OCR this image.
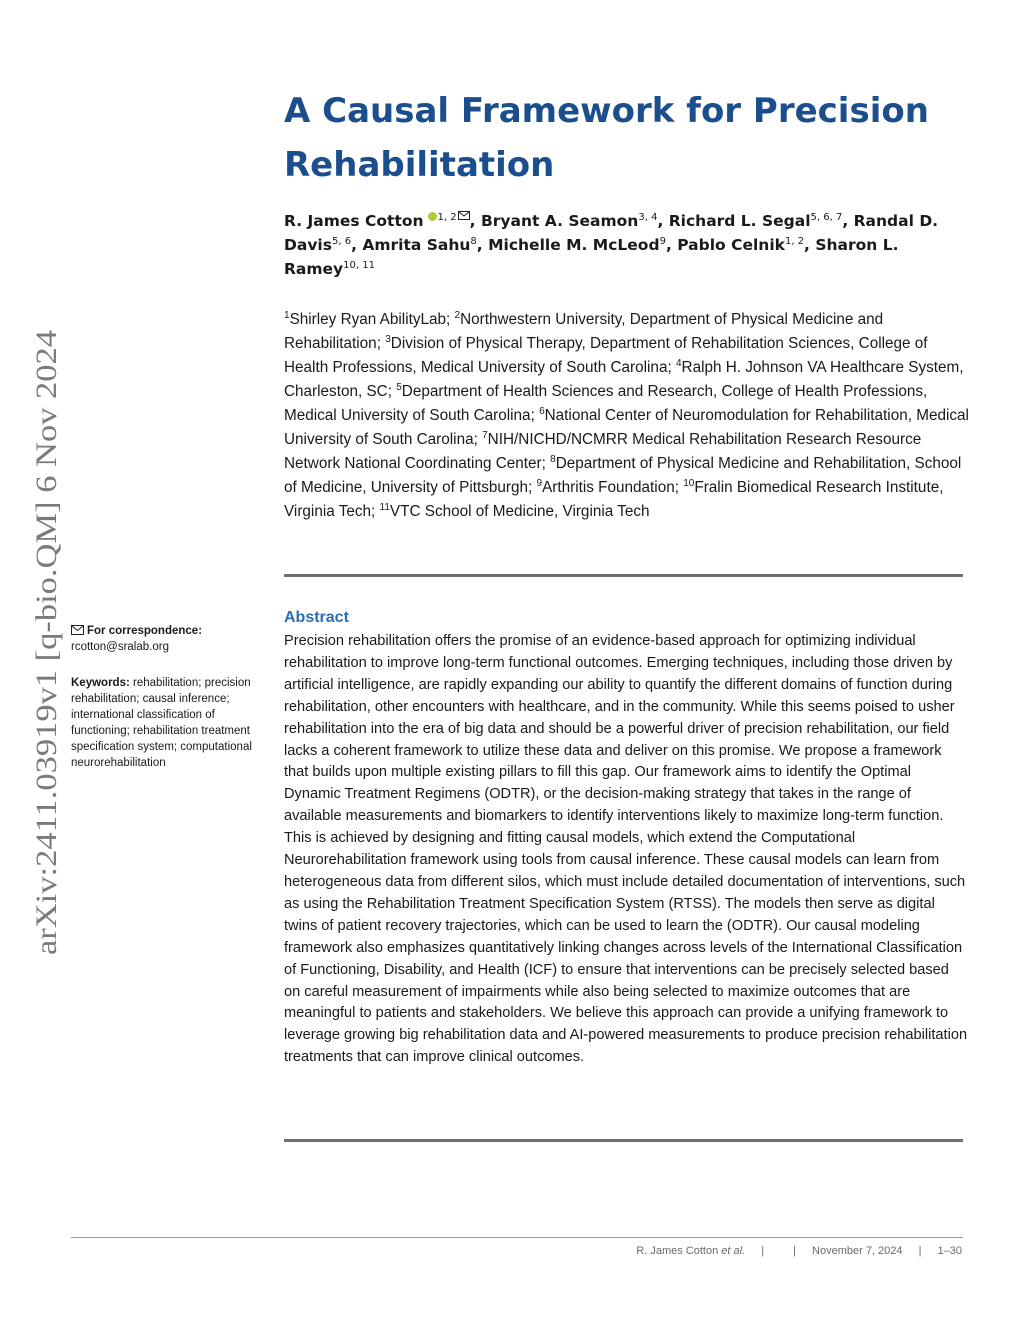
arXiv:2411.03919v1 [q-bio.QM] 6 Nov 2024
A Causal Framework for Precision Rehabilitation
R. James Cotton $^{1, 2}$ , Bryant A. Seamon$^{3, 4}$, Richard L. Segal$^{5, 6, 7}$, Randal D. Davis$^{5, 6}$, Amrita Sahu$^8$, Michelle M. McLeod$^9$, Pablo Celnik$^{1, 2}$, Sharon L. Ramey$^{10, 11}$
$^1$Shirley Ryan AbilityLab; $^2$Northwestern University, Department of Physical Medicine and Rehabilitation; $^3$Division of Physical Therapy, Department of Rehabilitation Sciences, College of Health Professions, Medical University of South Carolina; $^4$Ralph H. Johnson VA Healthcare System, Charleston, SC; $^5$Department of Health Sciences and Research, College of Health Professions, Medical University of South Carolina; $^6$National Center of Neuromodulation for Rehabilitation, Medical University of South Carolina; $^7$NIH/NICHD/NCMRR Medical Rehabilitation Research Resource Network National Coordinating Center; $^8$Department of Physical Medicine and Rehabilitation, School of Medicine, University of Pittsburgh; $^9$Arthritis Foundation; $^{10}$Fralin Biomedical Research Institute, Virginia Tech; $^{11}$VTC School of Medicine, Virginia Tech
Abstract
Precision rehabilitation offers the promise of an evidence-based approach for optimizing individual rehabilitation to improve long-term functional outcomes. Emerging techniques, including those driven by artificial intelligence, are rapidly expanding our ability to quantify the different domains of function during rehabilitation, other encounters with healthcare, and in the community. While this seems poised to usher rehabilitation into the era of big data and should be a powerful driver of precision rehabilitation, our field lacks a coherent framework to utilize these data and deliver on this promise. We propose a framework that builds upon multiple existing pillars to fill this gap. Our framework aims to identify the Optimal Dynamic Treatment Regimens (ODTR), or the decision-making strategy that takes in the range of available measurements and biomarkers to identify interventions likely to maximize long-term function. This is achieved by designing and fitting causal models, which extend the Computational Neurorehabilitation framework using tools from causal inference. These causal models can learn from heterogeneous data from different silos, which must include detailed documentation of interventions, such as using the Rehabilitation Treatment Specification System (RTSS). The models then serve as digital twins of patient recovery trajectories, which can be used to learn the (ODTR). Our causal modeling framework also emphasizes quantitatively linking changes across levels of the International Classification of Functioning, Disability, and Health (ICF) to ensure that interventions can be precisely selected based on careful measurement of impairments while also being selected to maximize outcomes that are meaningful to patients and stakeholders. We believe this approach can provide a unifying framework to leverage growing big rehabilitation data and AI-powered measurements to produce precision rehabilitation treatments that can improve clinical outcomes.
For correspondence:
rcotton@sralab.org
Keywords: rehabilitation; precision rehabilitation; causal inference; international classification of functioning; rehabilitation treatment specification system; computational neurorehabilitation
R. James Cotton et al. |	| November 7, 2024 | 1–30
